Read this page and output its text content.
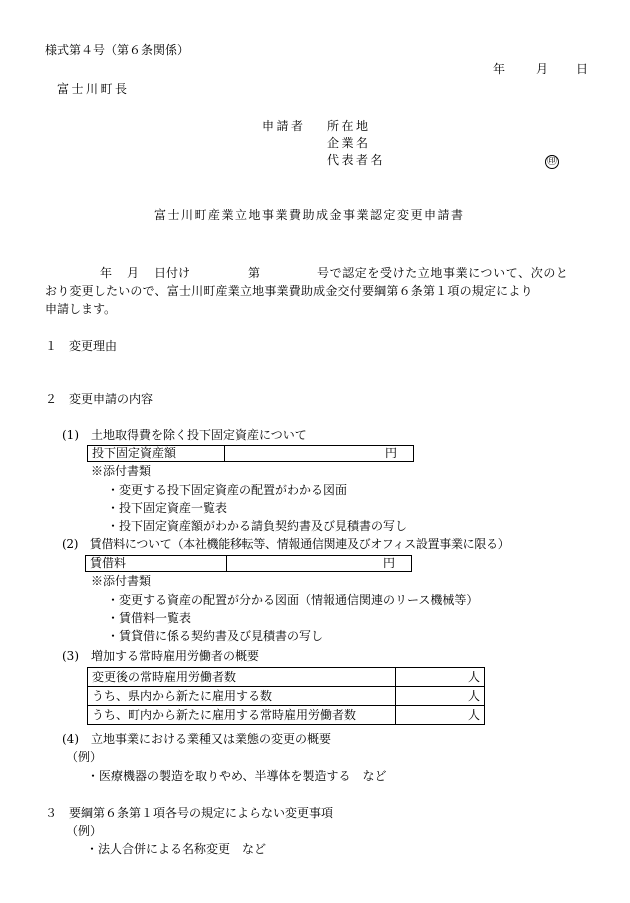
様式第４号（第６条関係）
年	月 日
富士川町長
申請者 所在地
企業名
代表者名	㊞
富士川町産業立地事業費助成金事業認定変更申請書
年 月 日付け	第	号で認定を受けた立地事業について、次のと
おり変更したいので、富士川町産業立地事業費助成金交付要綱第６条第１項の規定により
申請します。
１　変更理由
２　変更申請の内容
(1)　土地取得費を除く投下固定資産について
投下固定資産額	円
※添付書類
・変更する投下固定資産の配置がわかる図面
・投下固定資産一覧表
・投下固定資産額がわかる請負契約書及び見積書の写し
(2)　賃借料について（本社機能移転等、情報通信関連及びオフィス設置事業に限る）
賃借料	円
※添付書類
・変更する資産の配置が分かる図面（情報通信関連のリース機械等）
・賃借料一覧表
・賃貸借に係る契約書及び見積書の写し
(3)　増加する常時雇用労働者の概要
変更後の常時雇用労働者数	人
うち、県内から新たに雇用する数	人
うち、町内から新たに雇用する常時雇用労働者数	人
(4)　立地事業における業種又は業態の変更の概要
（例）
・医療機器の製造を取りやめ、半導体を製造する　など
３　要綱第６条第１項各号の規定によらない変更事項
（例）
・法人合併による名称変更　など
